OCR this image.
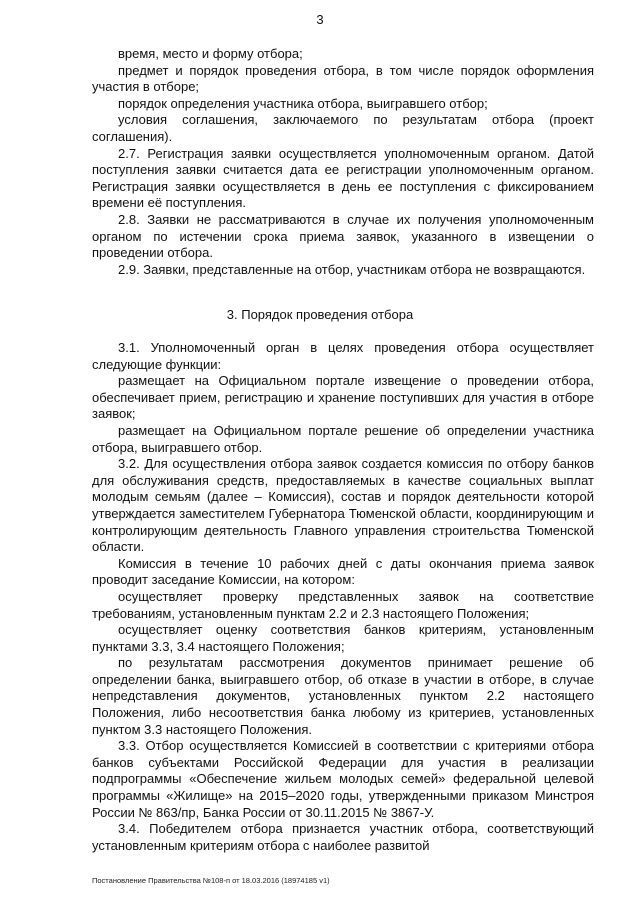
3

время, место и форму отбора;

предмет и порядок проведения отбора, в том числе порядок оформления участия в отборе;

порядок определения участника отбора, выигравшего отбор;

условия соглашения, заключаемого по результатам отбора (проект соглашения).

2.7. Регистрация заявки осуществляется уполномоченным органом. Датой поступления заявки считается дата ее регистрации уполномоченным органом. Регистрация заявки осуществляется в день ее поступления с фиксированием времени её поступления.

2.8. Заявки не рассматриваются в случае их получения уполномоченным органом по истечении срока приема заявок, указанного в извещении о проведении отбора.

2.9. Заявки, представленные на отбор, участникам отбора не возвращаются.

3. Порядок проведения отбора

3.1. Уполномоченный орган в целях проведения отбора осуществляет следующие функции:

размещает на Официальном портале извещение о проведении отбора, обеспечивает прием, регистрацию и хранение поступивших для участия в отборе заявок;

размещает на Официальном портале решение об определении участника отбора, выигравшего отбор.

3.2. Для осуществления отбора заявок создается комиссия по отбору банков для обслуживания средств, предоставляемых в качестве социальных выплат молодым семьям (далее – Комиссия), состав и порядок деятельности которой утверждается заместителем Губернатора Тюменской области, координирующим и контролирующим деятельность Главного управления строительства Тюменской области.

Комиссия в течение 10 рабочих дней с даты окончания приема заявок проводит заседание Комиссии, на котором:

осуществляет проверку представленных заявок на соответствие требованиям, установленным пунктам 2.2 и 2.3 настоящего Положения;

осуществляет оценку соответствия банков критериям, установленным пунктами 3.3, 3.4 настоящего Положения;

по результатам рассмотрения документов принимает решение об определении банка, выигравшего отбор, об отказе в участии в отборе, в случае непредставления документов, установленных пунктом 2.2 настоящего Положения, либо несоответствия банка любому из критериев, установленных пунктом 3.3 настоящего Положения.

3.3. Отбор осуществляется Комиссией в соответствии с критериями отбора банков субъектами Российской Федерации для участия в реализации подпрограммы «Обеспечение жильем молодых семей» федеральной целевой программы «Жилище» на 2015–2020 годы, утвержденными приказом Минстроя России № 863/пр, Банка России от 30.11.2015 № 3867-У.

3.4. Победителем отбора признается участник отбора, соответствующий установленным критериям отбора с наиболее развитой

Постановление Правительства №108-п от 18.03.2016 (18974185 v1)
